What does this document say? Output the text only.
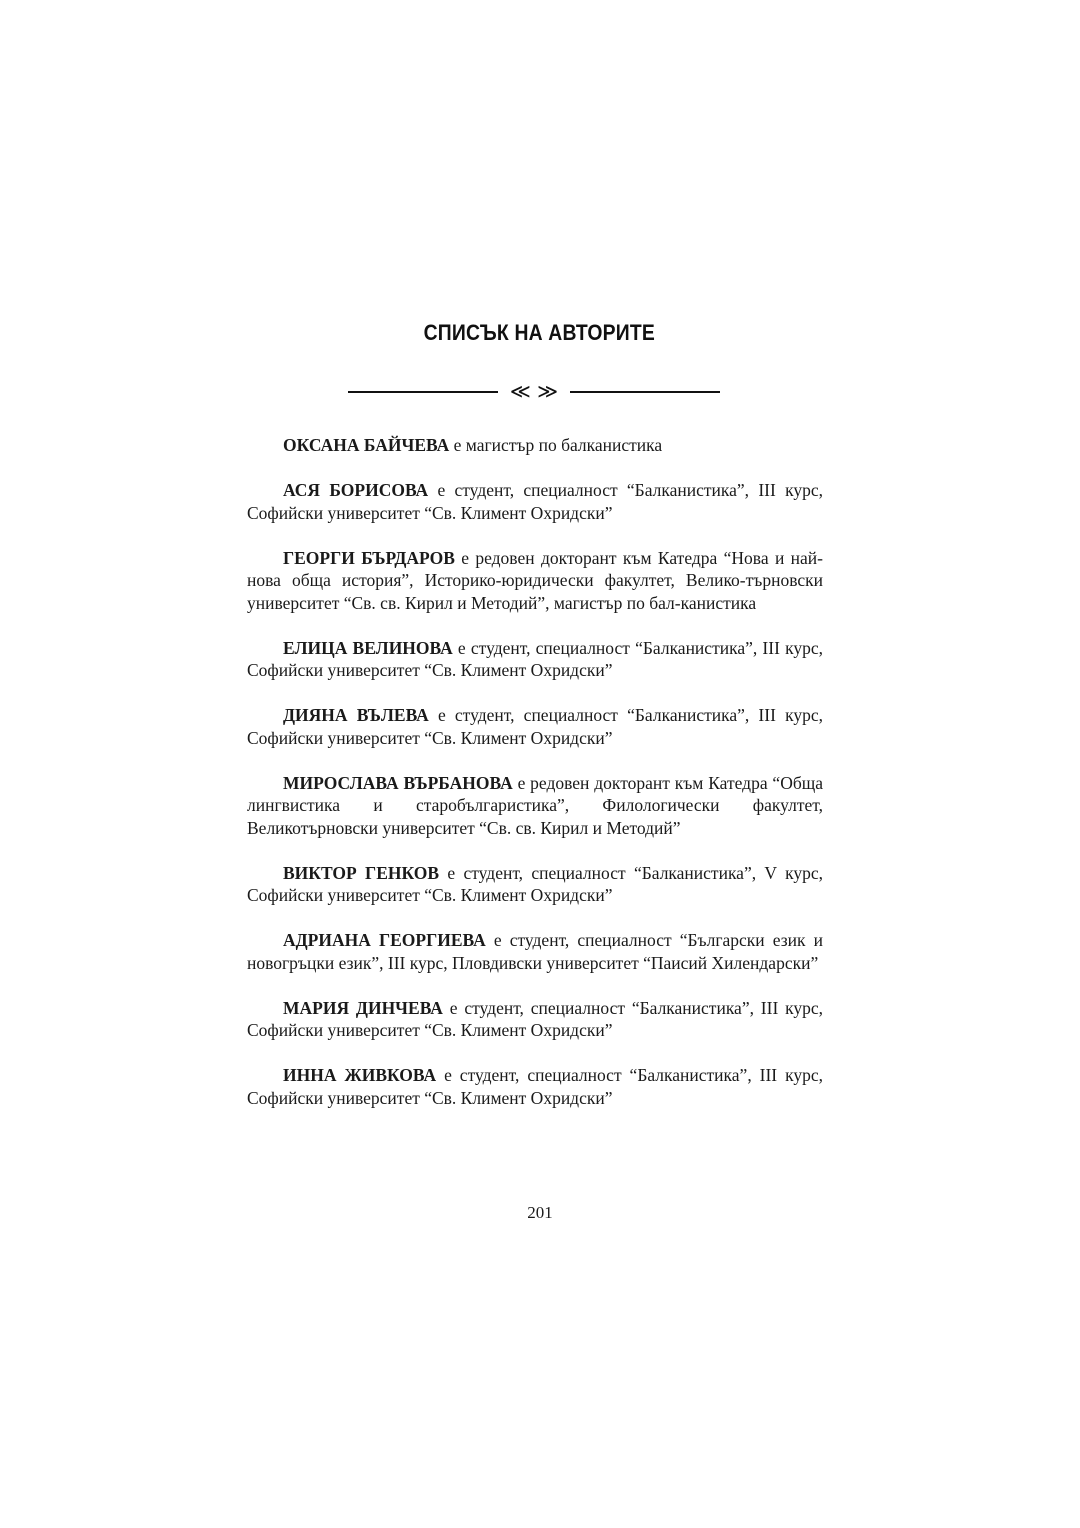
СПИСЪК НА АВТОРИТЕ
≪ ≫

ОКСАНА БАЙЧЕВА е магистър по балканистика

АСЯ БОРИСОВА е студент, специалност “Балканистика”, III курс, Софийски университет “Св. Климент Охридски”

ГЕОРГИ БЪРДАРОВ е редовен докторант към Катедра “Нова и най-нова обща история”, Историко-юридически факултет, Велико-търновски университет “Св. св. Кирил и Методий”, магистър по бал-канистика

ЕЛИЦА ВЕЛИНОВА е студент, специалност “Балканистика”, III курс, Софийски университет “Св. Климент Охридски”

ДИЯНА ВЪЛЕВА е студент, специалност “Балканистика”, III курс, Софийски университет “Св. Климент Охридски”

МИРОСЛАВА ВЪРБАНОВА е редовен докторант към Катедра “Обща лингвистика и старобългаристика”, Филологически факултет, Великотърновски университет “Св. св. Кирил и Методий”

ВИКТОР ГЕНКОВ е студент, специалност “Балканистика”, V курс, Софийски университет “Св. Климент Охридски”

АДРИАНА ГЕОРГИЕВА е студент, специалност “Български език и новогръцки език”, III курс, Пловдивски университет “Паисий Хилендарски”

МАРИЯ ДИНЧЕВА е студент, специалност “Балканистика”, III курс, Софийски университет “Св. Климент Охридски”

ИННА ЖИВКОВА е студент, специалност “Балканистика”, III курс, Софийски университет “Св. Климент Охридски”

201
